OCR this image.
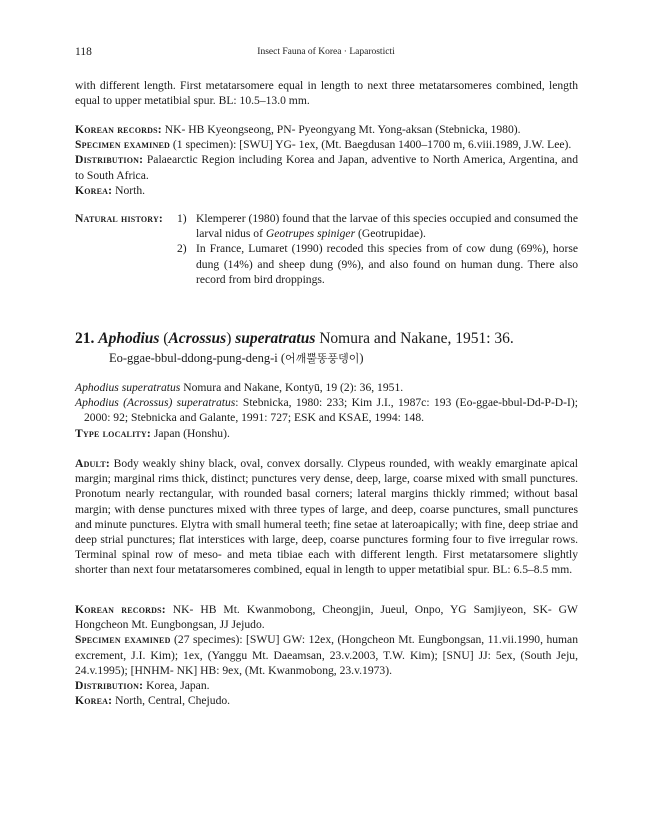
118	Insect Fauna of Korea · Laparosticti

with different length. First metatarsomere equal in length to next three metatarsomeres combined, length equal to upper metatibial spur. BL: 10.5–13.0 mm.

Korean records: NK- HB Kyeongseong, PN- Pyeongyang Mt. Yong-aksan (Stebnicka, 1980).

Specimen examined (1 specimen): [SWU] YG- 1ex, (Mt. Baegdusan 1400–1700 m, 6.viii.1989, J.W. Lee).

Distribution: Palaearctic Region including Korea and Japan, adventive to North America, Argentina, and to South Africa.

Korea: North.

Natural history: 1) Klemperer (1980) found that the larvae of this species occupied and consumed the larval nidus of Geotrupes spiniger (Geotrupidae).
2) In France, Lumaret (1990) recoded this species from of cow dung (69%), horse dung (14%) and sheep dung (9%), and also found on human dung. There also record from bird droppings.
21. Aphodius (Acrossus) superatratus Nomura and Nakane, 1951: 36.
Eo-ggae-bbul-ddong-pung-deng-i (어깨뿔똥풍뎅이)

Aphodius superatratus Nomura and Nakane, Kontyū, 19 (2): 36, 1951.

Aphodius (Acrossus) superatratus: Stebnicka, 1980: 233; Kim J.I., 1987c: 193 (Eo-ggae-bbul-Dd-P-D-I); 2000: 92; Stebnicka and Galante, 1991: 727; ESK and KSAE, 1994: 148.

Type locality: Japan (Honshu).

Adult: Body weakly shiny black, oval, convex dorsally. Clypeus rounded, with weakly emarginate apical margin; marginal rims thick, distinct; punctures very dense, deep, large, coarse mixed with small punctures. Pronotum nearly rectangular, with rounded basal corners; lateral margins thickly rimmed; without basal margin; with dense punctures mixed with three types of large, and deep, coarse punctures, small punctures and minute punctures. Elytra with small humeral teeth; fine setae at lateroapically; with fine, deep striae and deep strial punctures; flat interstices with large, deep, coarse punctures forming four to five irregular rows. Terminal spinal row of meso- and meta tibiae each with different length. First metatarsomere slightly shorter than next four metatarsomeres combined, equal in length to upper metatibial spur. BL: 6.5–8.5 mm.

Korean records: NK- HB Mt. Kwanmobong, Cheongjin, Jueul, Onpo, YG Samjiyeon, SK- GW Hongcheon Mt. Eungbongsan, JJ Jejudo.

Specimen examined (27 specimes): [SWU] GW: 12ex, (Hongcheon Mt. Eungbongsan, 11.vii.1990, human excrement, J.I. Kim); 1ex, (Yanggu Mt. Daeamsan, 23.v.2003, T.W. Kim); [SNU] JJ: 5ex, (South Jeju, 24.v.1995); [HNHM- NK] HB: 9ex, (Mt. Kwanmobong, 23.v.1973).

Distribution: Korea, Japan.

Korea: North, Central, Chejudo.
